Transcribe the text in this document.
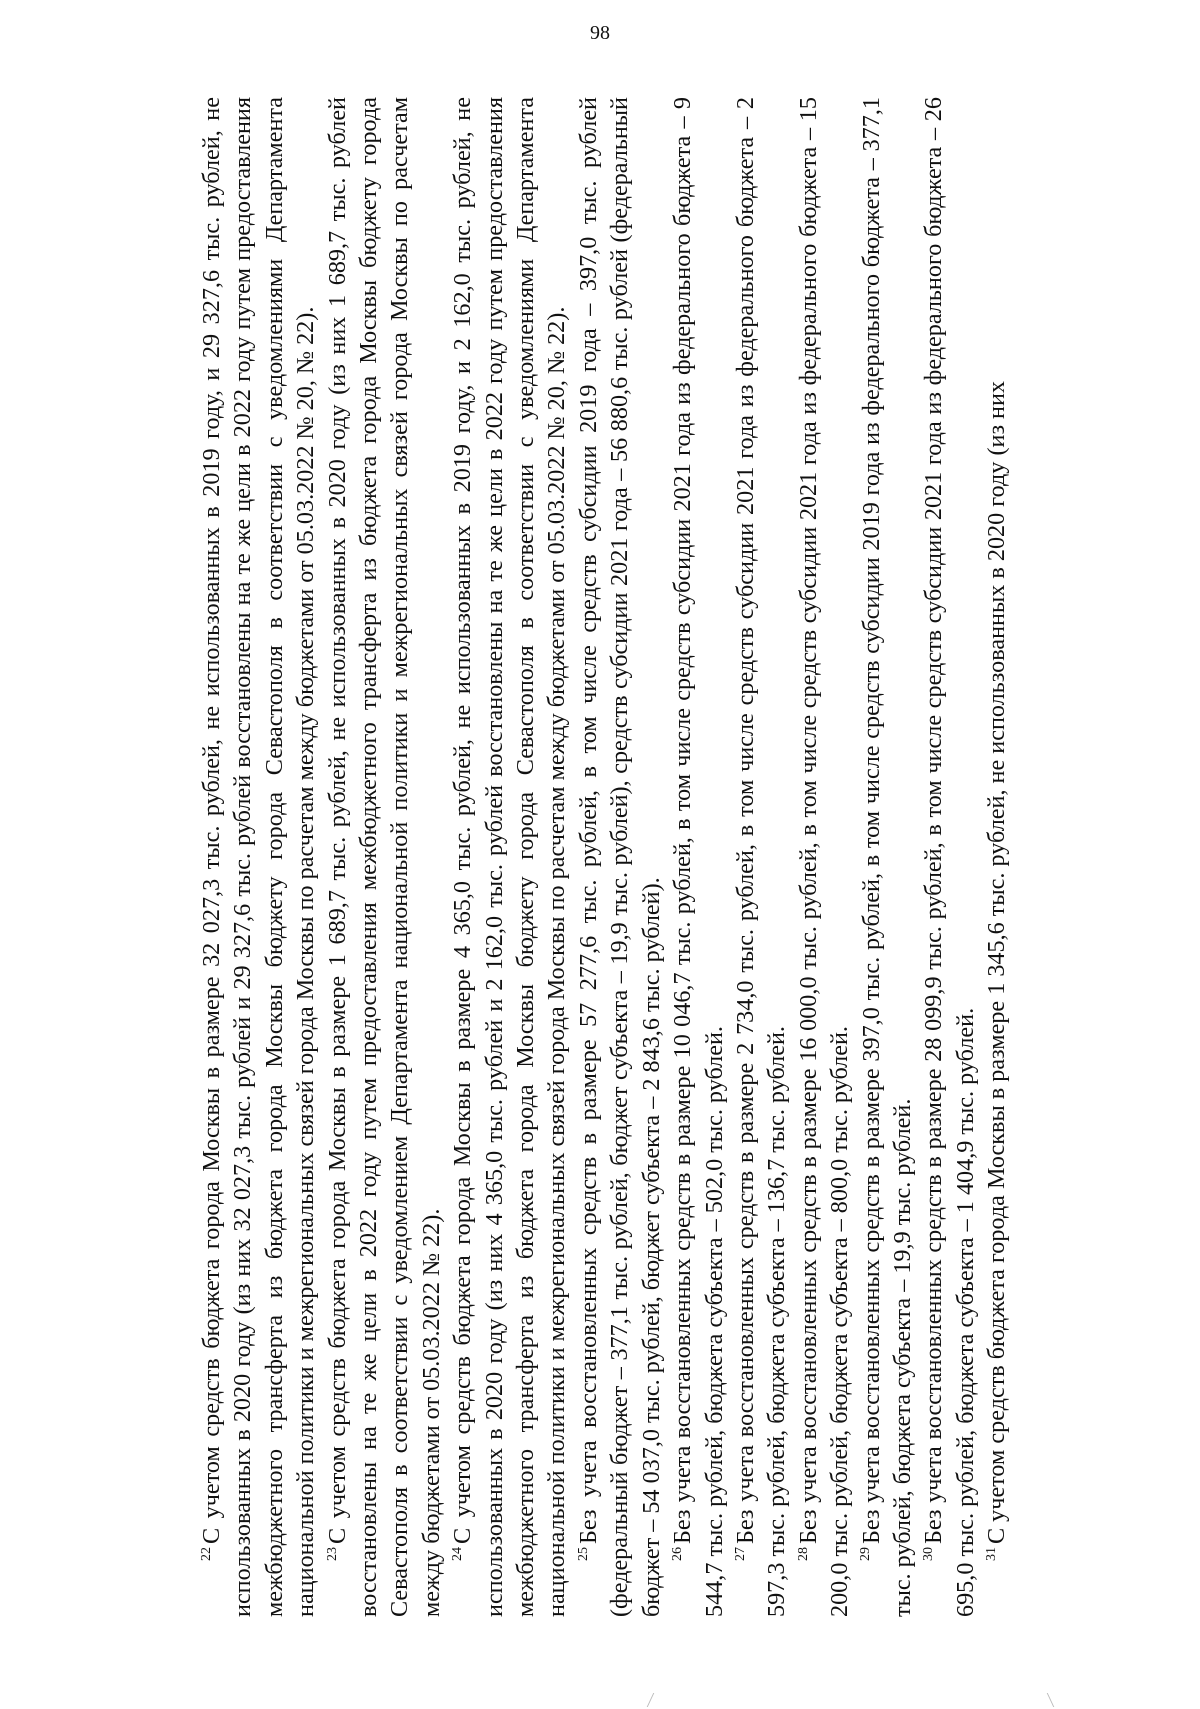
98

$^{22}$С учетом средств бюджета города Москвы в размере 32 027,3 тыс. рублей, не использованных в 2019 году, и 29 327,6 тыс. рублей, не использованных в 2020 году (из них 32 027,3 тыс. рублей и 29 327,6 тыс. рублей восстановлены на те же цели в 2022 году путем предоставления межбюджетного трансферта из бюджета города Москвы бюджету города Севастополя в соответствии с уведомлениями Департамента национальной политики и межрегиональных связей города Москвы по расчетам между бюджетами от 05.03.2022 № 20, № 22). $^{23}$С учетом средств бюджета города Москвы в размере 1 689,7 тыс. рублей, не использованных в 2020 году (из них 1 689,7 тыс. рублей восстановлены на те же цели в 2022 году путем предоставления межбюджетного трансферта из бюджета города Москвы бюджету города Севастополя в соответствии с уведомлением Департамента национальной политики и межрегиональных связей города Москвы по расчетам между бюджетами от 05.03.2022 № 22). $^{24}$С учетом средств бюджета города Москвы в размере 4 365,0 тыс. рублей, не использованных в 2019 году, и 2 162,0 тыс. рублей, не использованных в 2020 году (из них 4 365,0 тыс. рублей и 2 162,0 тыс. рублей восстановлены на те же цели в 2022 году путем предоставления межбюджетного трансферта из бюджета города Москвы бюджету города Севастополя в соответствии с уведомлениями Департамента национальной политики и межрегиональных связей города Москвы по расчетам между бюджетами от 05.03.2022 № 20, № 22). $^{25}$Без учета восстановленных средств в размере 57 277,6 тыс. рублей, в том числе средств субсидии 2019 года – 397,0 тыс. рублей (федеральный бюджет – 377,1 тыс. рублей, бюджет субъекта – 19,9 тыс. рублей), средств субсидии 2021 года – 56 880,6 тыс. рублей (федеральный бюджет – 54 037,0 тыс. рублей, бюджет субъекта – 2 843,6 тыс. рублей). $^{26}$Без учета восстановленных средств в размере 10 046,7 тыс. рублей, в том числе средств субсидии 2021 года из федерального бюджета – 9 544,7 тыс. рублей, бюджета субъекта – 502,0 тыс. рублей. $^{27}$Без учета восстановленных средств в размере 2 734,0 тыс. рублей, в том числе средств субсидии 2021 года из федерального бюджета – 2 597,3 тыс. рублей, бюджета субъекта – 136,7 тыс. рублей. $^{28}$Без учета восстановленных средств в размере 16 000,0 тыс. рублей, в том числе средств субсидии 2021 года из федерального бюджета – 15 200,0 тыс. рублей, бюджета субъекта – 800,0 тыс. рублей. $^{29}$Без учета восстановленных средств в размере 397,0 тыс. рублей, в том числе средств субсидии 2019 года из федерального бюджета – 377,1 тыс. рублей, бюджета субъекта – 19,9 тыс. рублей. $^{30}$Без учета восстановленных средств в размере 28 099,9 тыс. рублей, в том числе средств субсидии 2021 года из федерального бюджета – 26 695,0 тыс. рублей, бюджета субъекта – 1 404,9 тыс. рублей. $^{31}$С учетом средств бюджета города Москвы в размере 1 345,6 тыс. рублей, не использованных в 2020 году (из них
